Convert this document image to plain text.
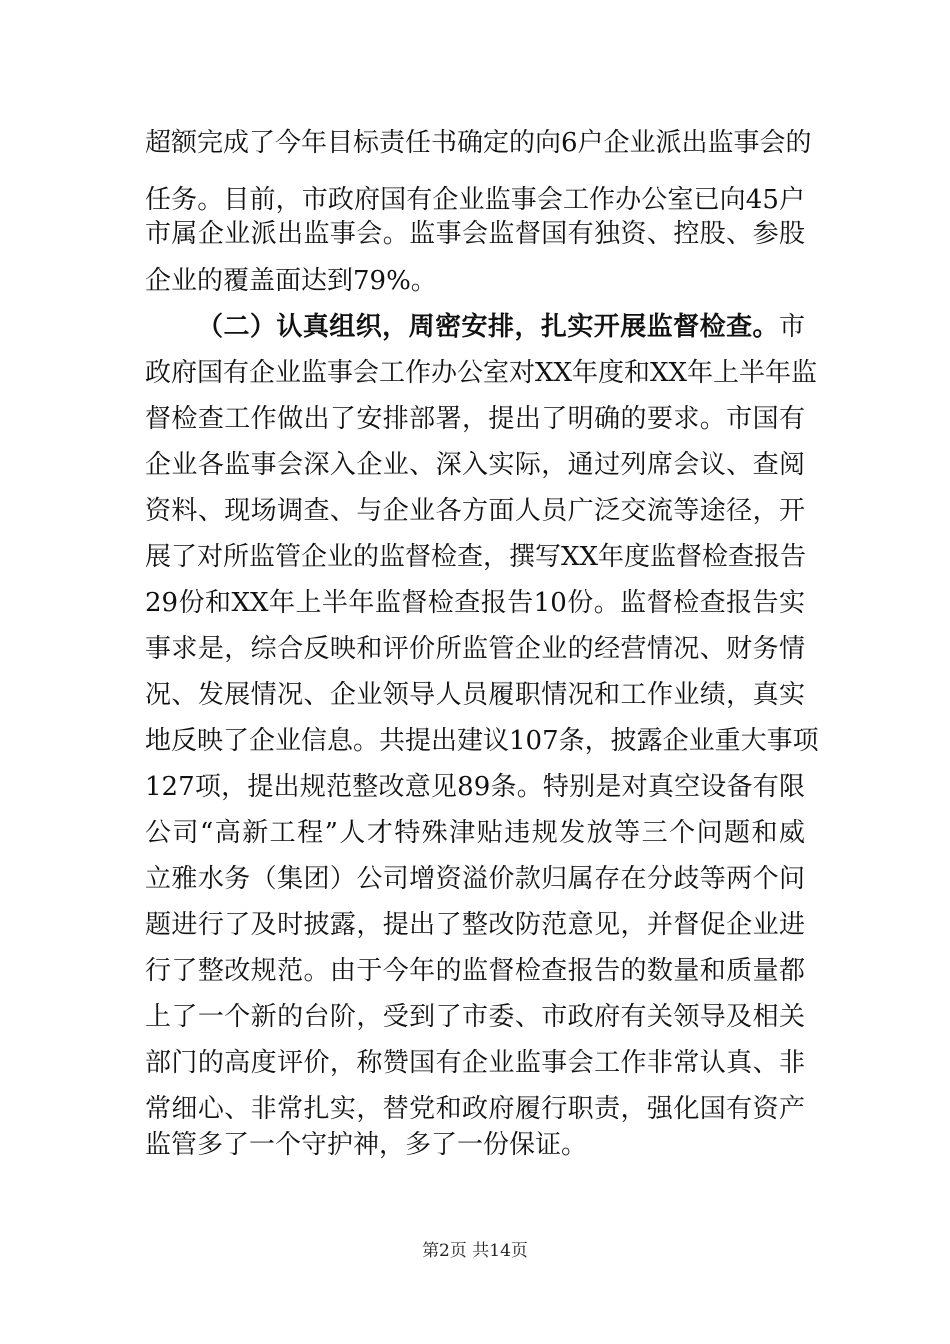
超额完成了今年目标责任书确定的向6户企业派出监事会的
任务。目前，市政府国有企业监事会工作办公室已向45户
市属企业派出监事会。监事会监督国有独资、控股、参股
企业的覆盖面达到79%。
（二）认真组织，周密安排，扎实开展监督检查。市
政府国有企业监事会工作办公室对XX年度和XX年上半年监
督检查工作做出了安排部署，提出了明确的要求。市国有
企业各监事会深入企业、深入实际，通过列席会议、查阅
资料、现场调查、与企业各方面人员广泛交流等途径，开
展了对所监管企业的监督检查，撰写XX年度监督检查报告
29份和XX年上半年监督检查报告10份。监督检查报告实
事求是，综合反映和评价所监管企业的经营情况、财务情
况、发展情况、企业领导人员履职情况和工作业绩，真实
地反映了企业信息。共提出建议107条，披露企业重大事项
127项，提出规范整改意见89条。特别是对真空设备有限
公司“高新工程”人才特殊津贴违规发放等三个问题和威
立雅水务（集团）公司增资溢价款归属存在分歧等两个问
题进行了及时披露，提出了整改防范意见，并督促企业进
行了整改规范。由于今年的监督检查报告的数量和质量都
上了一个新的台阶，受到了市委、市政府有关领导及相关
部门的高度评价，称赞国有企业监事会工作非常认真、非
常细心、非常扎实，替党和政府履行职责，强化国有资产
监管多了一个守护神，多了一份保证。
第2页 共14页
